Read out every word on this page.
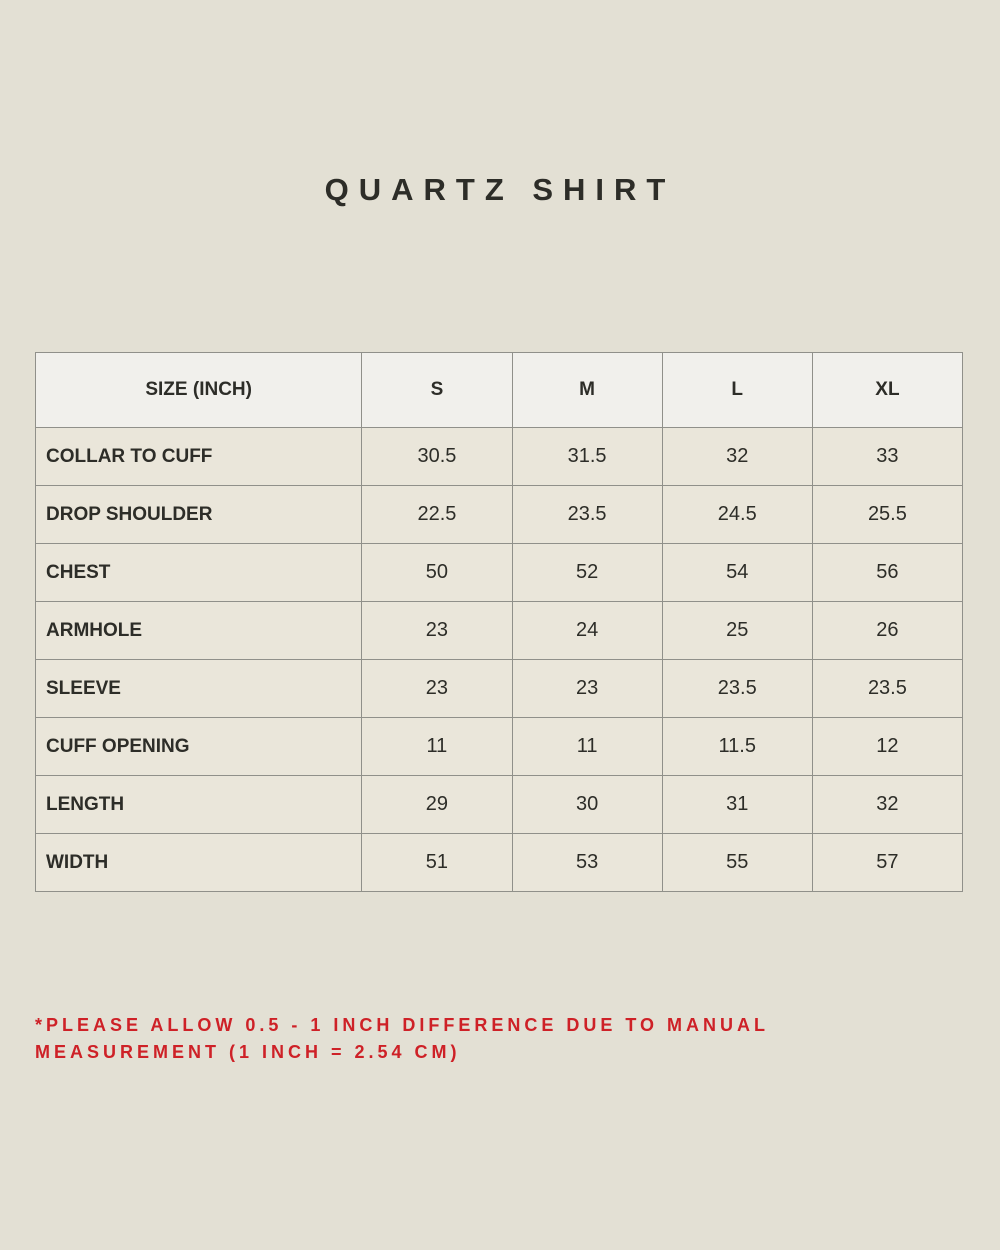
QUARTZ SHIRT
SIZE (INCH)	S	M	L	XL
COLLAR TO CUFF	30.5	31.5	32	33
DROP SHOULDER	22.5	23.5	24.5	25.5
CHEST	50	52	54	56
ARMHOLE	23	24	25	26
SLEEVE	23	23	23.5	23.5
CUFF OPENING	11	11	11.5	12
LENGTH	29	30	31	32
WIDTH	51	53	55	57
*PLEASE ALLOW 0.5 - 1 INCH DIFFERENCE DUE TO MANUAL
MEASUREMENT (1 INCH = 2.54 CM)
